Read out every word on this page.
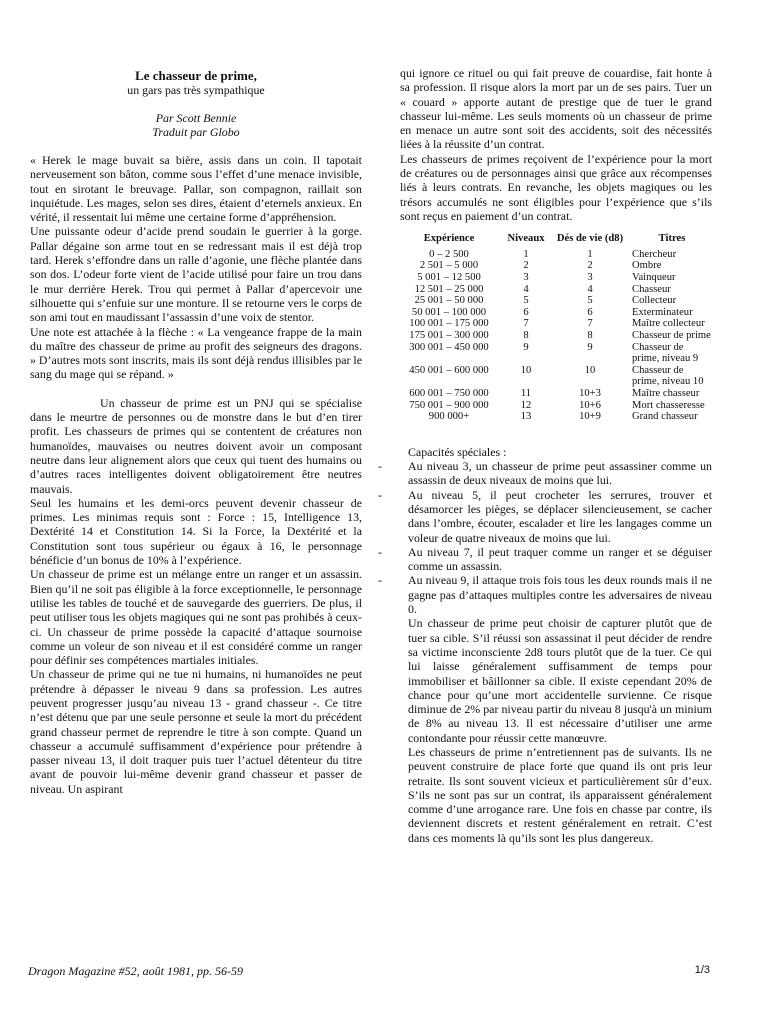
Le chasseur de prime,
un gars pas très sympathique
Par Scott Bennie
Traduit par Globo

« Herek le mage buvait sa bière, assis dans un coin. Il tapotait nerveusement son bâton, comme sous l’effet d’une menace invisible, tout en sirotant le breuvage. Pallar, son compagnon, raillait son inquiétude. Les mages, selon ses dires, étaient d’eternels anxieux. En vérité, il ressentait lui même une certaine forme d’appréhension.

Une puissante odeur d’acide prend soudain le guerrier à la gorge. Pallar dégaine son arme tout en se redressant mais il est déjà trop tard. Herek s’effondre dans un ralle d’agonie, une flèche plantée dans son dos. L’odeur forte vient de l’acide utilisé pour faire un trou dans le mur derrière Herek. Trou qui permet à Pallar d’apercevoir une silhouette qui s’enfuie sur une monture. Il se retourne vers le corps de son ami tout en maudissant l’assassin d’une voix de stentor.

Une note est attachée à la flèche : « La vengeance frappe de la main du maître des chasseur de prime au profit des seigneurs des dragons. » D’autres mots sont inscrits, mais ils sont déjà rendus illisibles par le sang du mage qui se répand. »

Un chasseur de prime est un PNJ qui se spécialise dans le meurtre de personnes ou de monstre dans le but d’en tirer profit. Les chasseurs de primes qui se contentent de créatures non humanoïdes, mauvaises ou neutres doivent avoir un composant neutre dans leur alignement alors que ceux qui tuent des humains ou d’autres races intelligentes doivent obligatoirement être neutres mauvais.

Seul les humains et les demi-orcs peuvent devenir chasseur de primes. Les minimas requis sont : Force : 15, Intelligence 13, Dextérité 14 et Constitution 14. Si la Force, la Dextérité et la Constitution sont tous supérieur ou égaux à 16, le personnage bénéficie d’un bonus de 10% à l’expérience.

Un chasseur de prime est un mélange entre un ranger et un assassin. Bien qu’il ne soit pas éligible à la force exceptionnelle, le personnage utilise les tables de touché et de sauvegarde des guerriers. De plus, il peut utiliser tous les objets magiques qui ne sont pas prohibés à ceux-ci. Un chasseur de prime possède la capacité d’attaque sournoise comme un voleur de son niveau et il est considéré comme un ranger pour définir ses compétences martiales initiales.

Un chasseur de prime qui ne tue ni humains, ni humanoïdes ne peut prétendre à dépasser le niveau 9 dans sa profession. Les autres peuvent progresser jusqu’au niveau 13 - grand chasseur -. Ce titre n’est détenu que par une seule personne et seule la mort du précédent grand chasseur permet de reprendre le titre à son compte. Quand un chasseur a accumulé suffisamment d’expérience pour prétendre à passer niveau 13, il doit traquer puis tuer l’actuel détenteur du titre avant de pouvoir lui-même devenir grand chasseur et passer de niveau. Un aspirant

qui ignore ce rituel ou qui fait preuve de couardise, fait honte à sa profession. Il risque alors la mort par un de ses pairs. Tuer un « couard » apporte autant de prestige que de tuer le grand chasseur lui-même. Les seuls moments où un chasseur de prime en menace un autre sont soit des accidents, soit des nécessités liées à la réussite d’un contrat.

Les chasseurs de primes reçoivent de l’expérience pour la mort de créatures ou de personnages ainsi que grâce aux récompenses liés à leurs contrats. En revanche, les objets magiques ou les trésors accumulés ne sont éligibles pour l’expérience que s’ils sont reçus en paiement d’un contrat.

Expérience	Niveaux	Dés de vie (d8)	Titres
0 – 2 500	1	1	Chercheur
2 501 – 5 000	2	2	Ombre
5 001 – 12 500	3	3	Vainqueur
12 501 – 25 000	4	4	Chasseur
25 001 – 50 000	5	5	Collecteur
50 001 – 100 000	6	6	Exterminateur
100 001 – 175 000	7	7	Maître collecteur
175 001 – 300 000	8	8	Chasseur de prime
300 001 – 450 000	9	9	Chasseur de prime, niveau 9
450 001 – 600 000	10	10	Chasseur de prime, niveau 10
600 001 – 750 000	11	10+3	Maître chasseur
750 001 – 900 000	12	10+6	Mort chasseresse
900 000+	13	10+9	Grand chasseur

Capacités spéciales :

- Au niveau 3, un chasseur de prime peut assassiner comme un assassin de deux niveaux de moins que lui.
- Au niveau 5, il peut crocheter les serrures, trouver et désamorcer les pièges, se déplacer silencieusement, se cacher dans l’ombre, écouter, escalader et lire les langages comme un voleur de quatre niveaux de moins que lui.
- Au niveau 7, il peut traquer comme un ranger et se déguiser comme un assassin.
- Au niveau 9, il attaque trois fois tous les deux rounds mais il ne gagne pas d’attaques multiples contre les adversaires de niveau 0.

Un chasseur de prime peut choisir de capturer plutôt que de tuer sa cible. S’il réussi son assassinat il peut décider de rendre sa victime inconsciente 2d8 tours plutôt que de la tuer. Ce qui lui laisse généralement suffisamment de temps pour immobiliser et bâillonner sa cible. Il existe cependant 20% de chance pour qu’une mort accidentelle survienne. Ce risque diminue de 2% par niveau partir du niveau 8 jusqu'à un minium de 8% au niveau 13. Il est nécessaire d’utiliser une arme contondante pour réussir cette manœuvre.

Les chasseurs de prime n’entretiennent pas de suivants. Ils ne peuvent construire de place forte que quand ils ont pris leur retraite. Ils sont souvent vicieux et particulièrement sûr d’eux. S’ils ne sont pas sur un contrat, ils apparaissent généralement comme d’une arrogance rare. Une fois en chasse par contre, ils deviennent discrets et restent généralement en retrait. C’est dans ces moments là qu’ils sont les plus dangereux.

Dragon Magazine #52, août 1981, pp. 56-59	1/3
